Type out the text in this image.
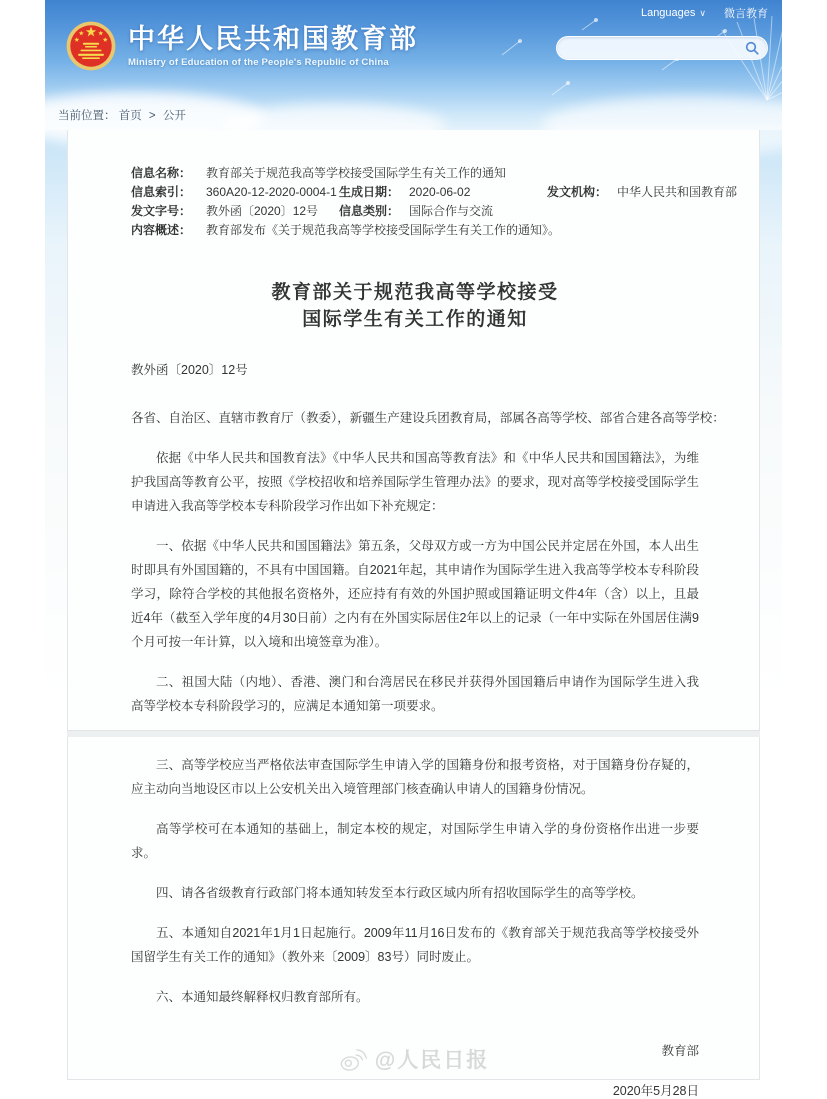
Languages ∨ 微言教育
中华人民共和国教育部
Ministry of Education of the People's Republic of China
当前位置： 首页 > 公开
信息名称：	教育部关于规范我高等学校接受国际学生有关工作的通知
信息索引：	360A20-12-2020-0004-1 生成日期： 2020-06-02	发文机构： 中华人民共和国教育部
发文字号：	教外函〔2020〕12号	信息类别： 国际合作与交流
内容概述：	教育部发布《关于规范我高等学校接受国际学生有关工作的通知》。
教育部关于规范我高等学校接受
国际学生有关工作的通知
教外函〔2020〕12号

各省、自治区、直辖市教育厅（教委），新疆生产建设兵团教育局，部属各高等学校、部省合建各高等学校：

依据《中华人民共和国教育法》《中华人民共和国高等教育法》和《中华人民共和国国籍法》，为维护我国高等教育公平，按照《学校招收和培养国际学生管理办法》的要求，现对高等学校接受国际学生申请进入我高等学校本专科阶段学习作出如下补充规定：

一、依据《中华人民共和国国籍法》第五条，父母双方或一方为中国公民并定居在外国，本人出生时即具有外国国籍的，不具有中国国籍。自2021年起，其申请作为国际学生进入我高等学校本专科阶段学习，除符合学校的其他报名资格外，还应持有有效的外国护照或国籍证明文件4年（含）以上，且最近4年（截至入学年度的4月30日前）之内有在外国实际居住2年以上的记录（一年中实际在外国居住满9个月可按一年计算，以入境和出境签章为准）。

二、祖国大陆（内地）、香港、澳门和台湾居民在移民并获得外国国籍后申请作为国际学生进入我高等学校本专科阶段学习的，应满足本通知第一项要求。

三、高等学校应当严格依法审查国际学生申请入学的国籍身份和报考资格，对于国籍身份存疑的，应主动向当地设区市以上公安机关出入境管理部门核查确认申请人的国籍身份情况。

高等学校可在本通知的基础上，制定本校的规定，对国际学生申请入学的身份资格作出进一步要求。

四、请各省级教育行政部门将本通知转发至本行政区域内所有招收国际学生的高等学校。

五、本通知自2021年1月1日起施行。2009年11月16日发布的《教育部关于规范我高等学校接受外国留学生有关工作的通知》（教外来〔2009〕83号）同时废止。

六、本通知最终解释权归教育部所有。

教育部
2020年5月28日
@人民日报
